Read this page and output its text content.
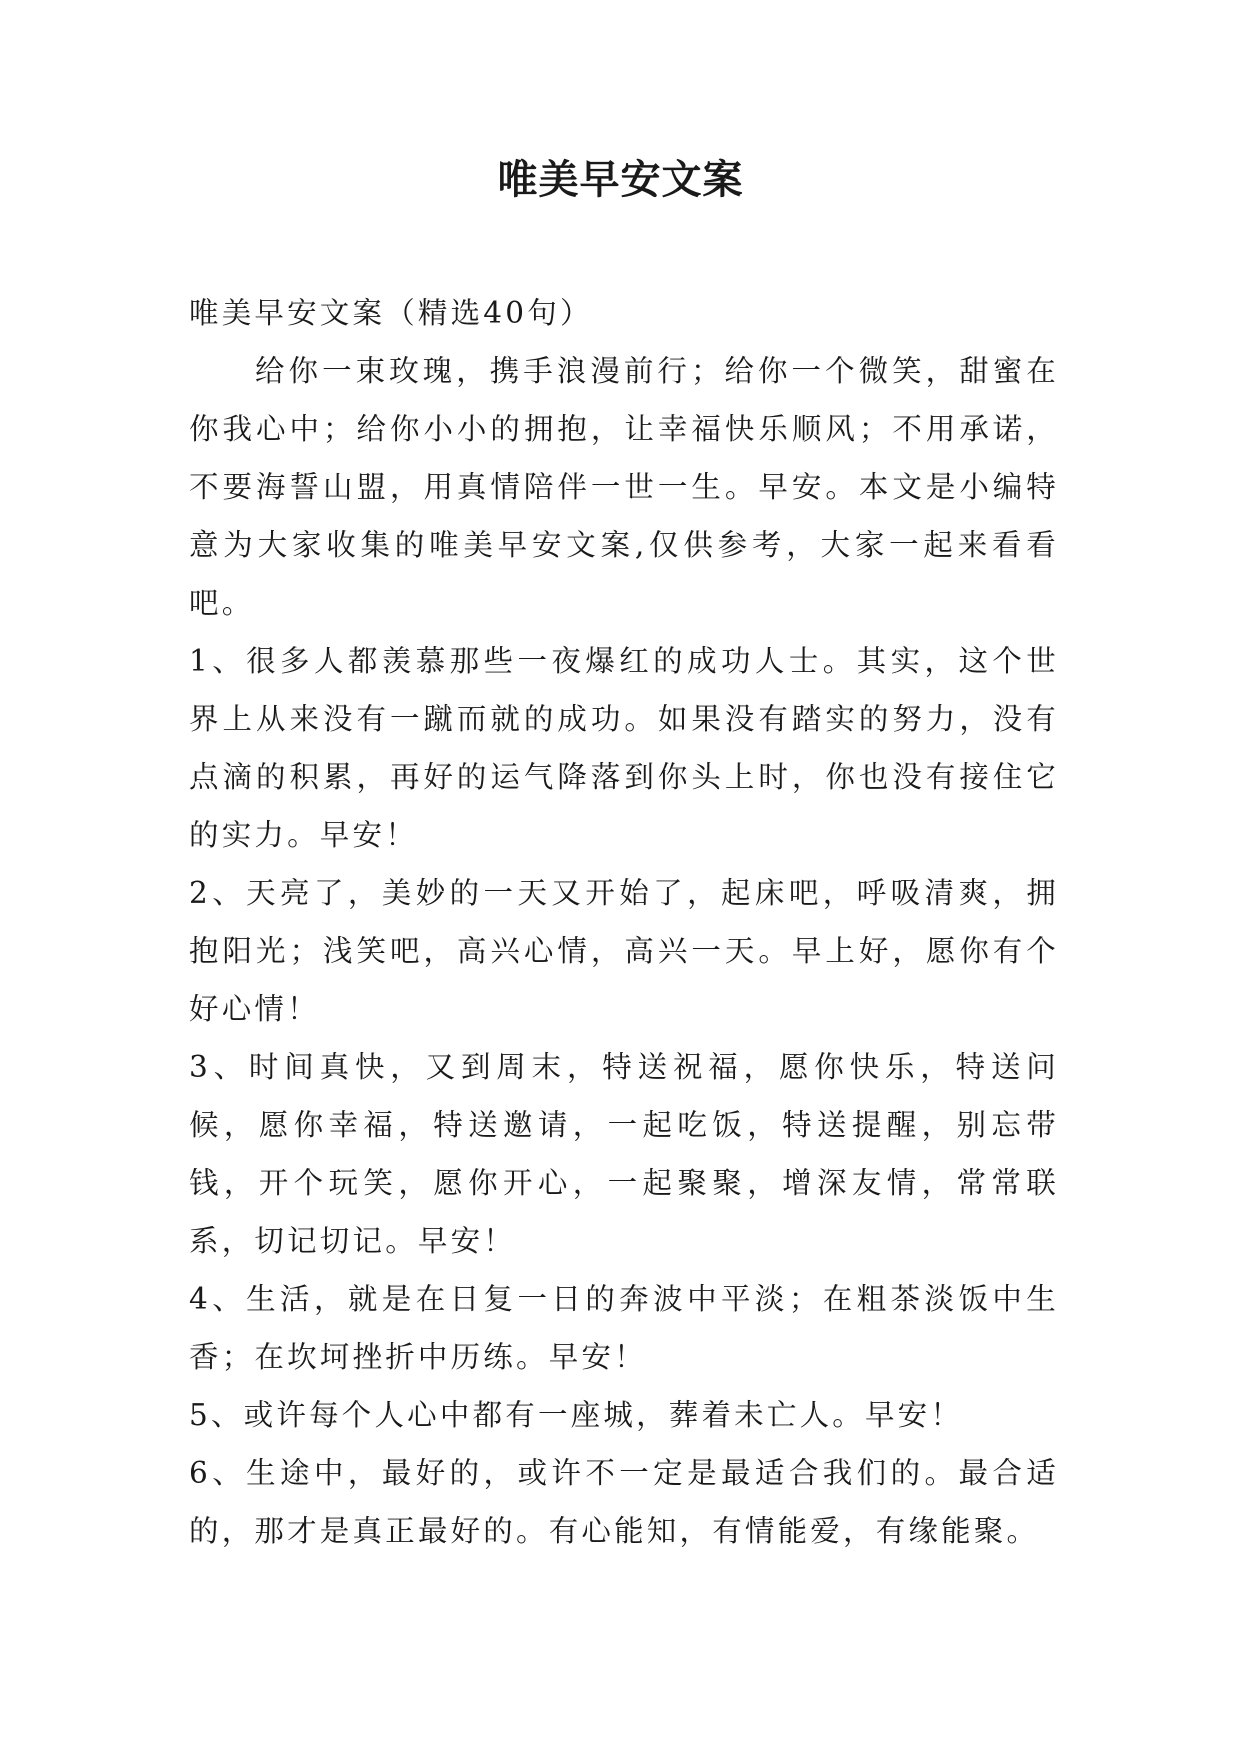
唯美早安文案

唯美早安文案（精选40句）

给你一束玫瑰，携手浪漫前行；给你一个微笑，甜蜜在你我心中；给你小小的拥抱，让幸福快乐顺风；不用承诺，不要海誓山盟，用真情陪伴一世一生。早安。本文是小编特意为大家收集的唯美早安文案,仅供参考，大家一起来看看吧。

1、很多人都羡慕那些一夜爆红的成功人士。其实，这个世界上从来没有一蹴而就的成功。如果没有踏实的努力，没有点滴的积累，再好的运气降落到你头上时，你也没有接住它的实力。早安！

2、天亮了，美妙的一天又开始了，起床吧，呼吸清爽，拥抱阳光；浅笑吧，高兴心情，高兴一天。早上好，愿你有个好心情！

3、时间真快，又到周末，特送祝福，愿你快乐，特送问候，愿你幸福，特送邀请，一起吃饭，特送提醒，别忘带钱，开个玩笑，愿你开心，一起聚聚，增深友情，常常联系，切记切记。早安！

4、生活，就是在日复一日的奔波中平淡；在粗茶淡饭中生香；在坎坷挫折中历练。早安！

5、或许每个人心中都有一座城，葬着未亡人。早安！

6、生途中，最好的，或许不一定是最适合我们的。最合适的，那才是真正最好的。有心能知，有情能爱，有缘能聚。
